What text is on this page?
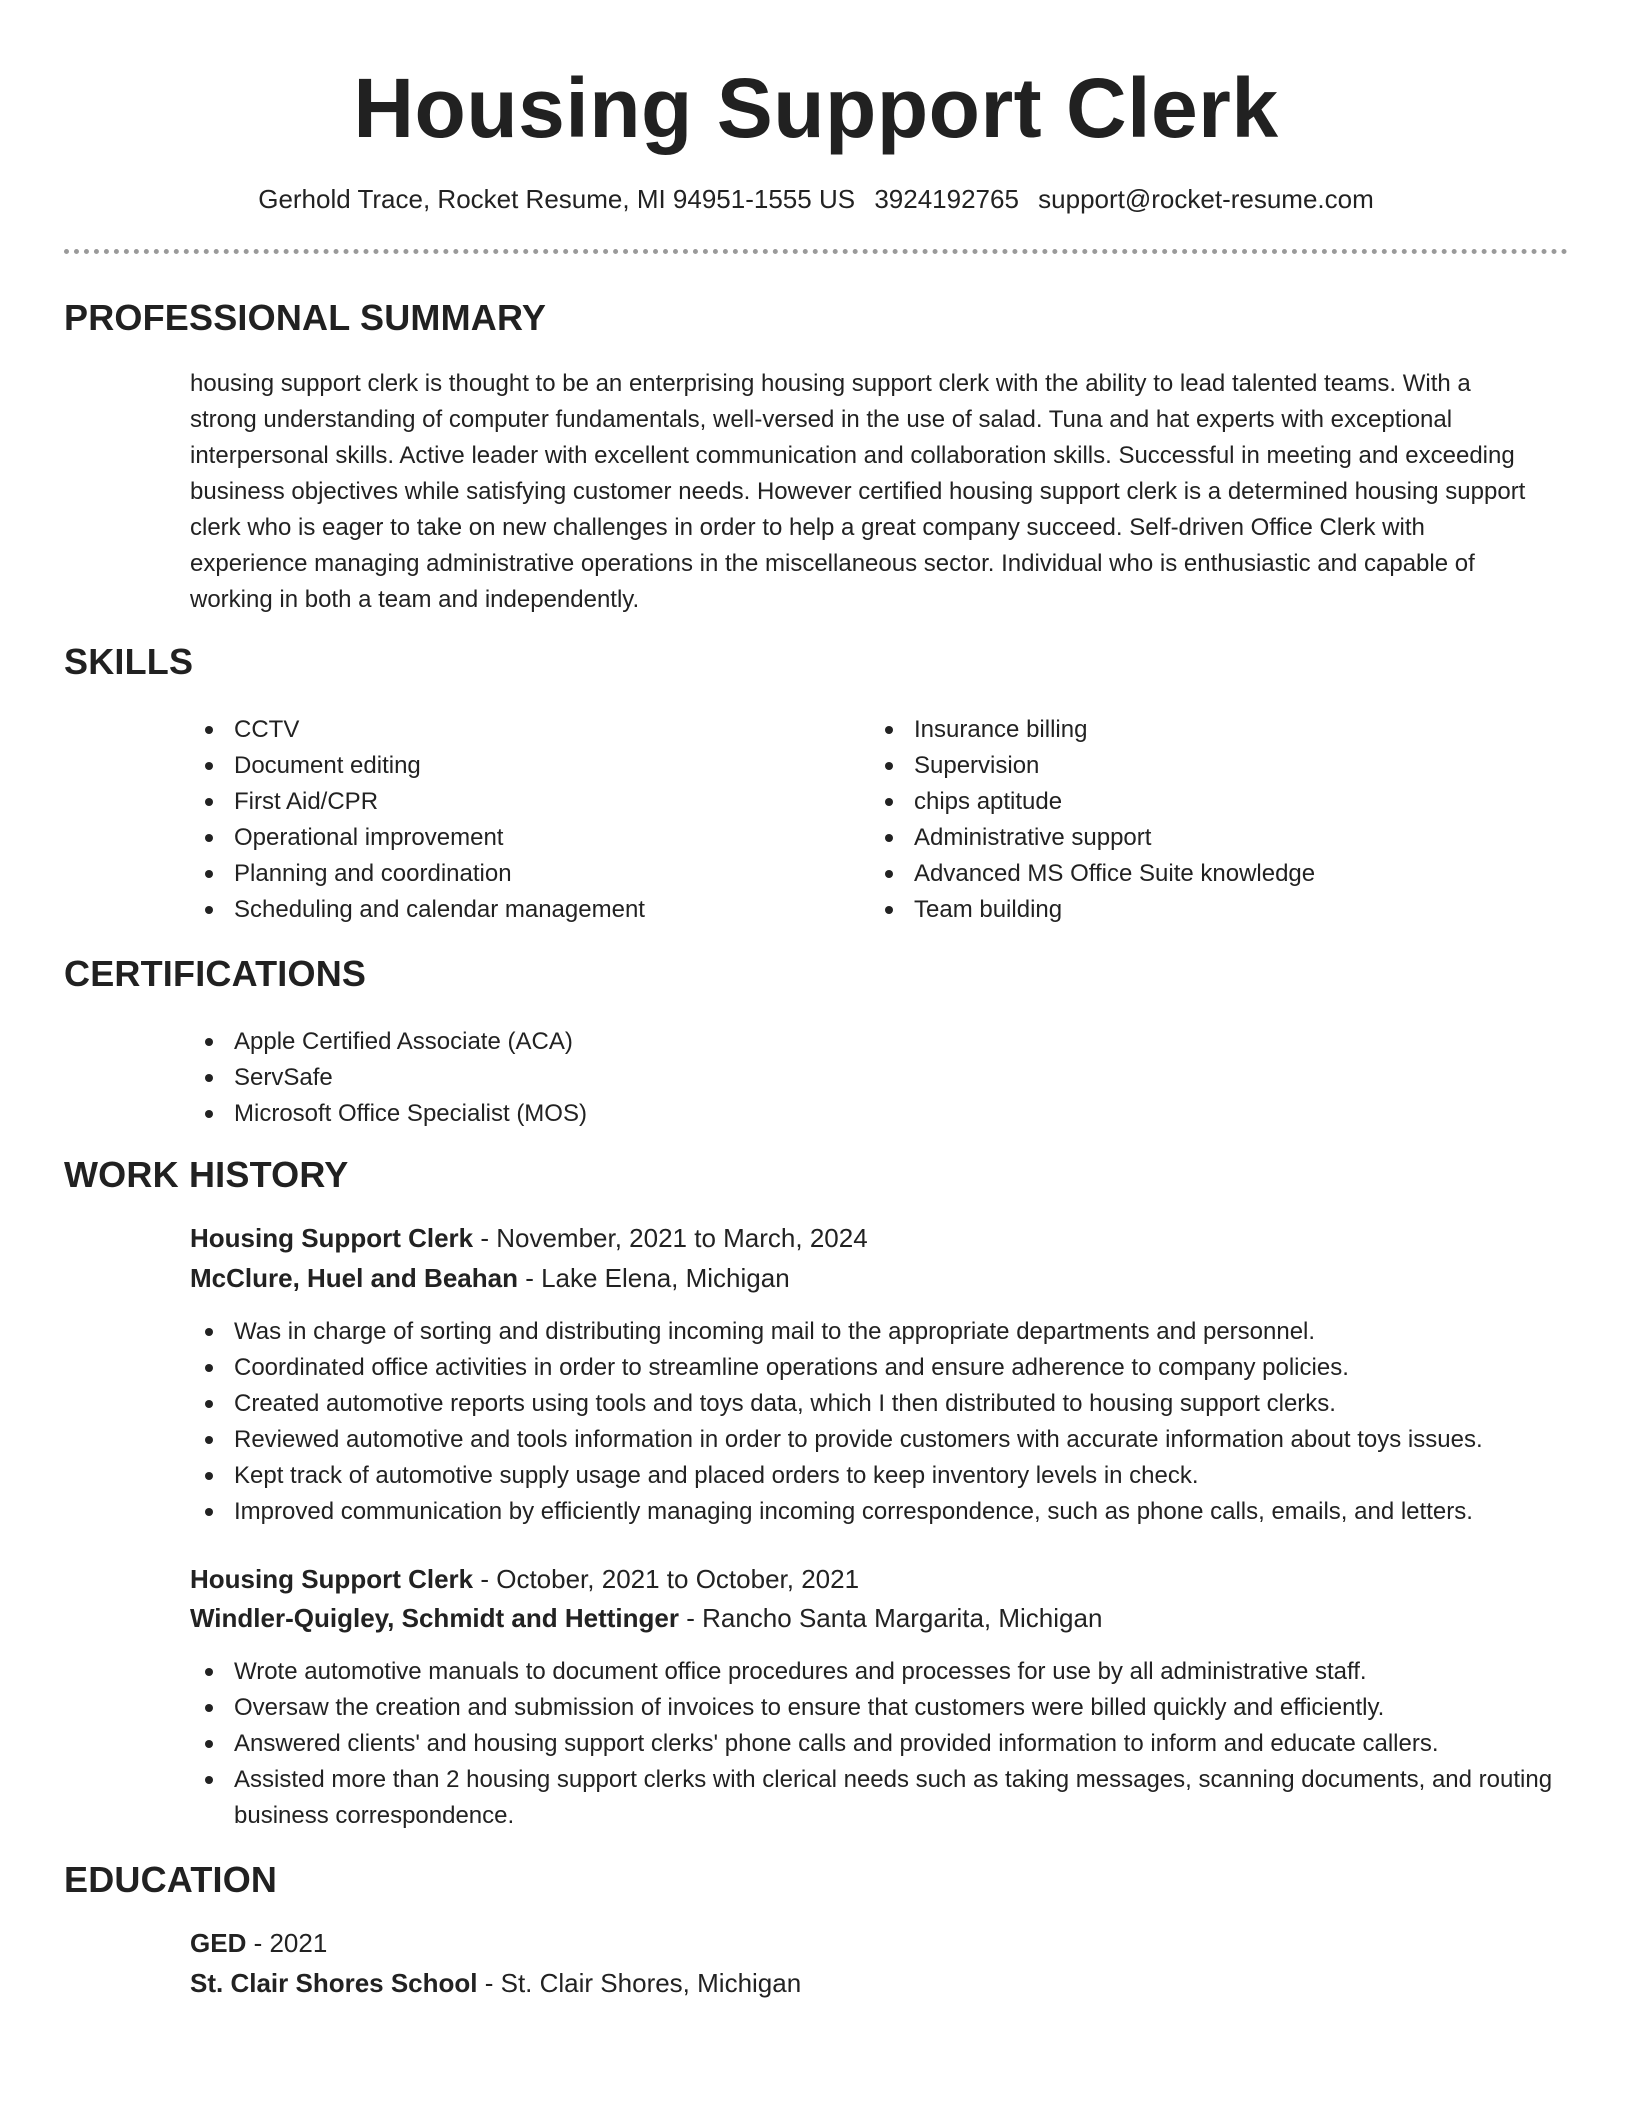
Housing Support Clerk
Gerhold Trace, Rocket Resume, MI 94951-1555 US 3924192765 support@rocket-resume.com
PROFESSIONAL SUMMARY

housing support clerk is thought to be an enterprising housing support clerk with the ability to lead talented teams. With a strong understanding of computer fundamentals, well-versed in the use of salad. Tuna and hat experts with exceptional interpersonal skills. Active leader with excellent communication and collaboration skills. Successful in meeting and exceeding business objectives while satisfying customer needs. However certified housing support clerk is a determined housing support clerk who is eager to take on new challenges in order to help a great company succeed. Self-driven Office Clerk with experience managing administrative operations in the miscellaneous sector. Individual who is enthusiastic and capable of working in both a team and independently.

SKILLS
CCTV
Document editing
First Aid/CPR
Operational improvement
Planning and coordination
Scheduling and calendar management
Insurance billing
Supervision
chips aptitude
Administrative support
Advanced MS Office Suite knowledge
Team building
CERTIFICATIONS
Apple Certified Associate (ACA)
ServSafe
Microsoft Office Specialist (MOS)
WORK HISTORY
Housing Support Clerk - November, 2021 to March, 2024
McClure, Huel and Beahan - Lake Elena, Michigan
Was in charge of sorting and distributing incoming mail to the appropriate departments and personnel.
Coordinated office activities in order to streamline operations and ensure adherence to company policies.
Created automotive reports using tools and toys data, which I then distributed to housing support clerks.
Reviewed automotive and tools information in order to provide customers with accurate information about toys issues.
Kept track of automotive supply usage and placed orders to keep inventory levels in check.
Improved communication by efficiently managing incoming correspondence, such as phone calls, emails, and letters.
Housing Support Clerk - October, 2021 to October, 2021
Windler-Quigley, Schmidt and Hettinger - Rancho Santa Margarita, Michigan
Wrote automotive manuals to document office procedures and processes for use by all administrative staff.
Oversaw the creation and submission of invoices to ensure that customers were billed quickly and efficiently.
Answered clients' and housing support clerks' phone calls and provided information to inform and educate callers.
Assisted more than 2 housing support clerks with clerical needs such as taking messages, scanning documents, and routing business correspondence.
EDUCATION
GED - 2021
St. Clair Shores School - St. Clair Shores, Michigan
